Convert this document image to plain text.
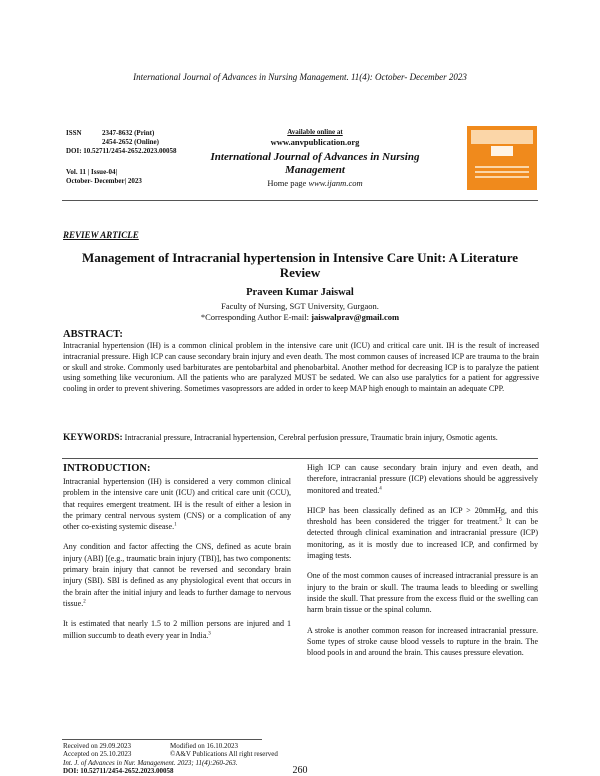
International Journal of Advances in Nursing Management. 11(4): October- December 2023
ISSN	2347-8632 (Print)
2454-2652 (Online)
DOI: 10.52711/2454-2652.2023.00058
Vol. 11 | Issue-04|
October- December| 2023
Available online at
www.anvpublication.org
International Journal of Advances in Nursing Management
Home page www.ijanm.com
REVIEW ARTICLE
Management of Intracranial hypertension in Intensive Care Unit: A Literature Review
Praveen Kumar Jaiswal
Faculty of Nursing, SGT University, Gurgaon.
*Corresponding Author E-mail: jaiswalprav@gmail.com
ABSTRACT:
Intracranial hypertension (IH) is a common clinical problem in the intensive care unit (ICU) and critical care unit. IH is the result of increased intracranial pressure. High ICP can cause secondary brain injury and even death. The most common causes of increased ICP are trauma to the brain or skull and stroke. Commonly used barbiturates are pentobarbital and phenobarbital. Another method for decreasing ICP is to paralyze the patient using something like vecuronium. All the patients who are paralyzed MUST be sedated. We can also use paralytics for a patient for aggressive cooling in order to prevent shivering. Sometimes vasopressors are added in order to keep MAP high enough to maintain an adequate CPP.
KEYWORDS: Intracranial pressure, Intracranial hypertension, Cerebral perfusion pressure, Traumatic brain injury, Osmotic agents.
INTRODUCTION:

Intracranial hypertension (IH) is considered a very common clinical problem in the intensive care unit (ICU) and critical care unit (CCU), that requires emergent treatment. IH is the result of either a lesion in the primary central nervous system (CNS) or a complication of any other co-existing systemic disease.$^1$

Any condition and factor affecting the CNS, defined as acute brain injury (ABI) [(e.g., traumatic brain injury (TBI)], has two components: primary brain injury that cannot be reversed and secondary brain injury (SBI). SBI is defined as any physiological event that occurs in the brain after the initial injury and leads to further damage to nervous tissue.$^2$

It is estimated that nearly 1.5 to 2 million persons are injured and 1 million succumb to death every year in India.$^3$

High ICP can cause secondary brain injury and even death, and therefore, intracranial pressure (ICP) elevations should be aggressively monitored and treated.$^4$

HICP has been classically defined as an ICP > 20mmHg, and this threshold has been considered the trigger for treatment.$^5$ It can be detected through clinical examination and intracranial pressure (ICP) monitoring, as it is mostly due to increased ICP, and confirmed by imaging tests.

One of the most common causes of increased intracranial pressure is an injury to the brain or skull. The trauma leads to bleeding or swelling inside the skull. That pressure from the excess fluid or the swelling can harm brain tissue or the spinal column.

A stroke is another common reason for increased intracranial pressure. Some types of stroke cause blood vessels to rupture in the brain. The blood pools in and around the brain. This causes pressure elevation.

Received on 29.09.2023	Modified on 16.10.2023
Accepted on 25.10.2023	©A&V Publications All right reserved
Int. J. of Advances in Nur. Management. 2023; 11(4):260-263.
DOI: 10.52711/2454-2652.2023.00058	260
